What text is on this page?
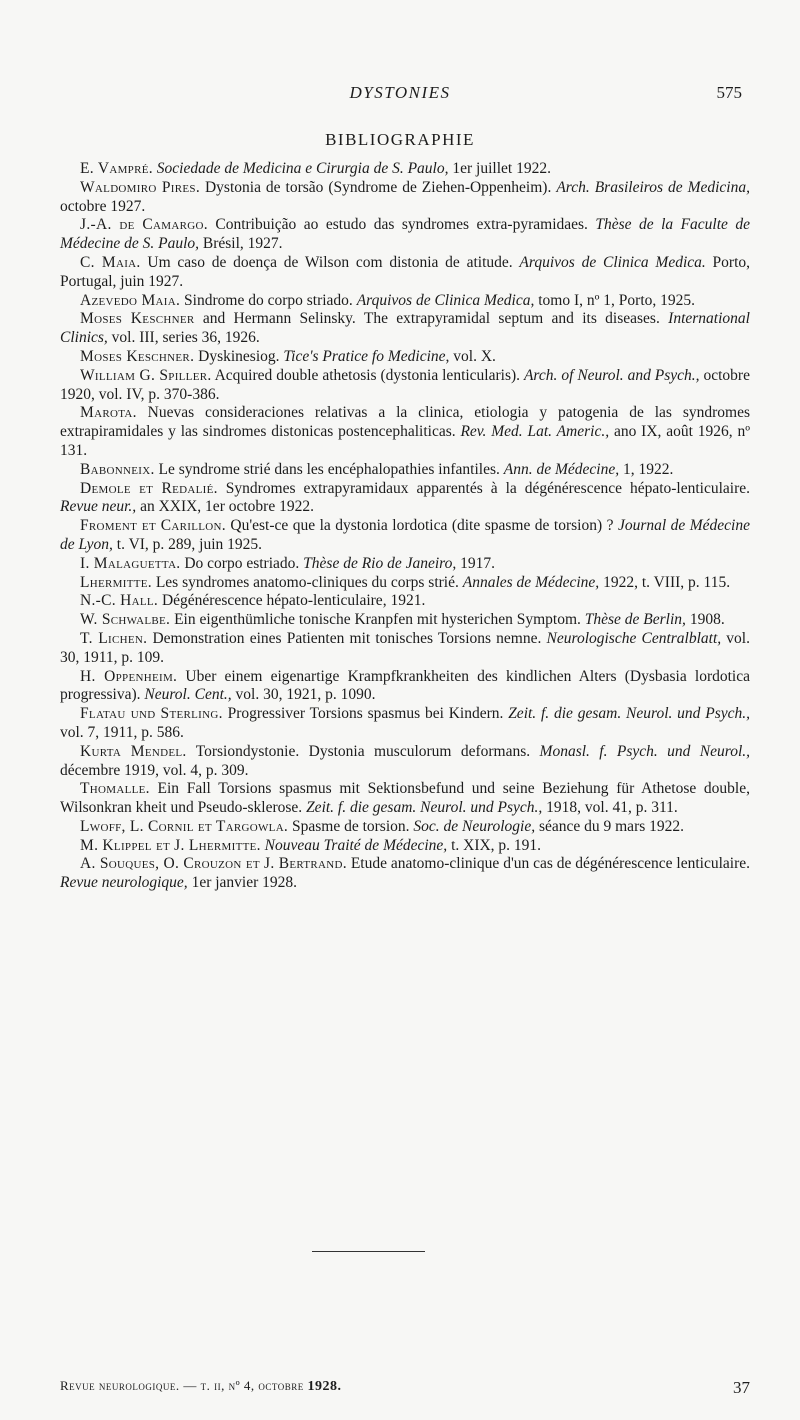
DYSTONIES	575
BIBLIOGRAPHIE

E. Vampré. Sociedade de Medicina e Cirurgia de S. Paulo, 1er juillet 1922.

Waldomiro Pires. Dystonia de torsão (Syndrome de Ziehen-Oppenheim). Arch. Brasileiros de Medicina, octobre 1927.

J.-A. de Camargo. Contribuição ao estudo das syndromes extra-pyramidaes. Thèse de la Faculte de Médecine de S. Paulo, Brésil, 1927.

C. Maia. Um caso de doença de Wilson com distonia de atitude. Arquivos de Clinica Medica. Porto, Portugal, juin 1927.

Azevedo Maia. Sindrome do corpo striado. Arquivos de Clinica Medica, tomo I, nº 1, Porto, 1925.

Moses Keschner and Hermann Selinsky. The extrapyramidal septum and its diseases. International Clinics, vol. III, series 36, 1926.

Moses Keschner. Dyskinesiog. Tice's Pratice fo Medicine, vol. X.

William G. Spiller. Acquired double athetosis (dystonia lenticularis). Arch. of Neurol. and Psych., octobre 1920, vol. IV, p. 370-386.

Marota. Nuevas consideraciones relativas a la clinica, etiologia y patogenia de las syndromes extrapiramidales y las sindromes distonicas postencephaliticas. Rev. Med. Lat. Americ., ano IX, août 1926, nº 131.

Babonneix. Le syndrome strié dans les encéphalopathies infantiles. Ann. de Médecine, 1, 1922.

Demole et Redalié. Syndromes extrapyramidaux apparentés à la dégénérescence hépato-lenticulaire. Revue neur., an XXIX, 1er octobre 1922.

Froment et Carillon. Qu'est-ce que la dystonia lordotica (dite spasme de torsion) ? Journal de Médecine de Lyon, t. VI, p. 289, juin 1925.

I. Malaguetta. Do corpo estriado. Thèse de Rio de Janeiro, 1917.

Lhermitte. Les syndromes anatomo-cliniques du corps strié. Annales de Médecine, 1922, t. VIII, p. 115.

N.-C. Hall. Dégénérescence hépato-lenticulaire, 1921.

W. Schwalbe. Ein eigenthümliche tonische Kranpfen mit hysterichen Symptom. Thèse de Berlin, 1908.

T. Lichen. Demonstration eines Patienten mit tonisches Torsions nemne. Neurologische Centralblatt, vol. 30, 1911, p. 109.

H. Oppenheim. Uber einem eigenartige Krampfkrankheiten des kindlichen Alters (Dysbasia lordotica progressiva). Neurol. Cent., vol. 30, 1921, p. 1090.

Flatau und Sterling. Progressiver Torsions spasmus bei Kindern. Zeit. f. die gesam. Neurol. und Psych., vol. 7, 1911, p. 586.

Kurta Mendel. Torsiondystonie. Dystonia musculorum deformans. Monasl. f. Psych. und Neurol., décembre 1919, vol. 4, p. 309.

Thomalle. Ein Fall Torsions spasmus mit Sektionsbefund und seine Beziehung für Athetose double, Wilsonkran kheit und Pseudo-sklerose. Zeit. f. die gesam. Neurol. und Psych., 1918, vol. 41, p. 311.

Lwoff, L. Cornil et Targowla. Spasme de torsion. Soc. de Neurologie, séance du 9 mars 1922.

M. Klippel et J. Lhermitte. Nouveau Traité de Médecine, t. XIX, p. 191.

A. Souques, O. Crouzon et J. Bertrand. Etude anatomo-clinique d'un cas de dégénérescence lenticulaire. Revue neurologique, 1er janvier 1928.

Revue neurologique. — t. ii, nº 4, octobre 1928.	37
